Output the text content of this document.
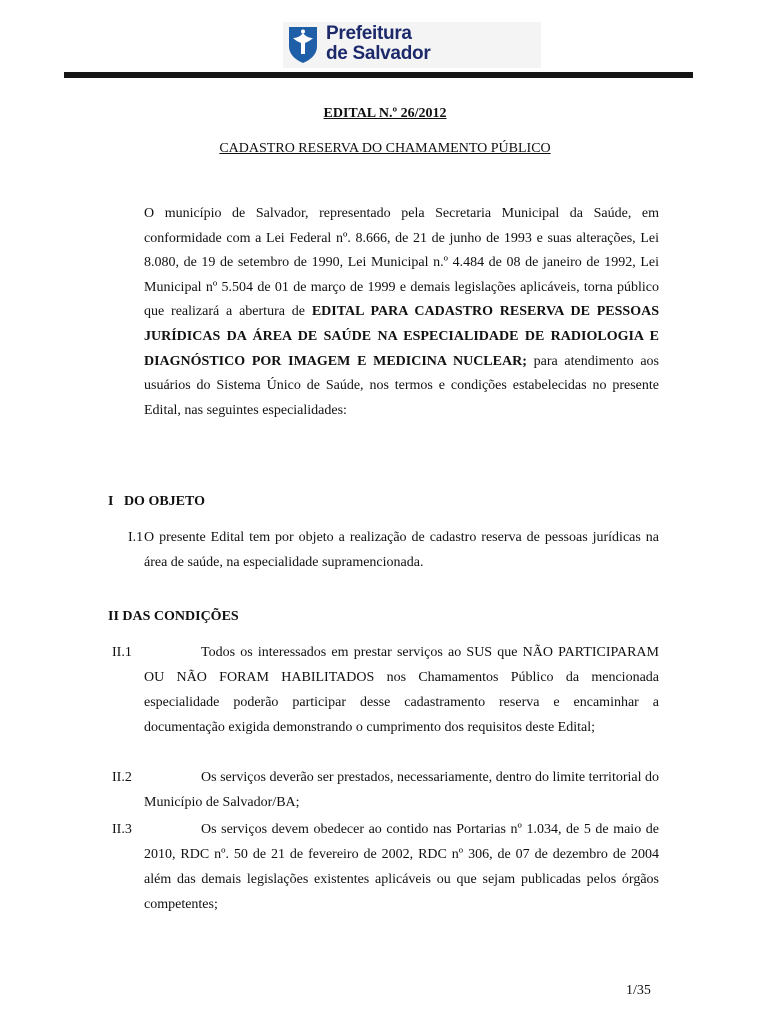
Prefeitura
de Salvador
EDITAL N.º 26/2012
CADASTRO RESERVA DO CHAMAMENTO PÚBLICO

O município de Salvador, representado pela Secretaria Municipal da Saúde, em conformidade com a Lei Federal nº. 8.666, de 21 de junho de 1993 e suas alterações, Lei 8.080, de 19 de setembro de 1990, Lei Municipal n.º 4.484 de 08 de janeiro de 1992, Lei Municipal nº 5.504 de 01 de março de 1999 e demais legislações aplicáveis, torna público que realizará a abertura de EDITAL PARA CADASTRO RESERVA DE PESSOAS JURÍDICAS DA ÁREA DE SAÚDE NA ESPECIALIDADE DE RADIOLOGIA E DIAGNÓSTICO POR IMAGEM E MEDICINA NUCLEAR; para atendimento aos usuários do Sistema Único de Saúde, nos termos e condições estabelecidas no presente Edital, nas seguintes especialidades:

I   DO OBJETO

I.1O presente Edital tem por objeto a realização de cadastro reserva de pessoas jurídicas na área de saúde, na especialidade supramencionada.

II DAS CONDIÇÕES

II.1	Todos os interessados em prestar serviços ao SUS que NÃO PARTICIPARAM OU NÃO FORAM HABILITADOS nos Chamamentos Público da mencionada especialidade poderão participar desse cadastramento reserva e encaminhar a documentação exigida demonstrando o cumprimento dos requisitos deste Edital;

II.2	Os serviços deverão ser prestados, necessariamente, dentro do limite territorial do Município de Salvador/BA;

II.3	Os serviços devem obedecer ao contido nas Portarias nº 1.034, de 5 de maio de 2010, RDC nº. 50 de 21 de fevereiro de 2002, RDC nº 306, de 07 de dezembro de 2004 além das demais legislações existentes aplicáveis ou que sejam publicadas pelos órgãos competentes;

1/35
